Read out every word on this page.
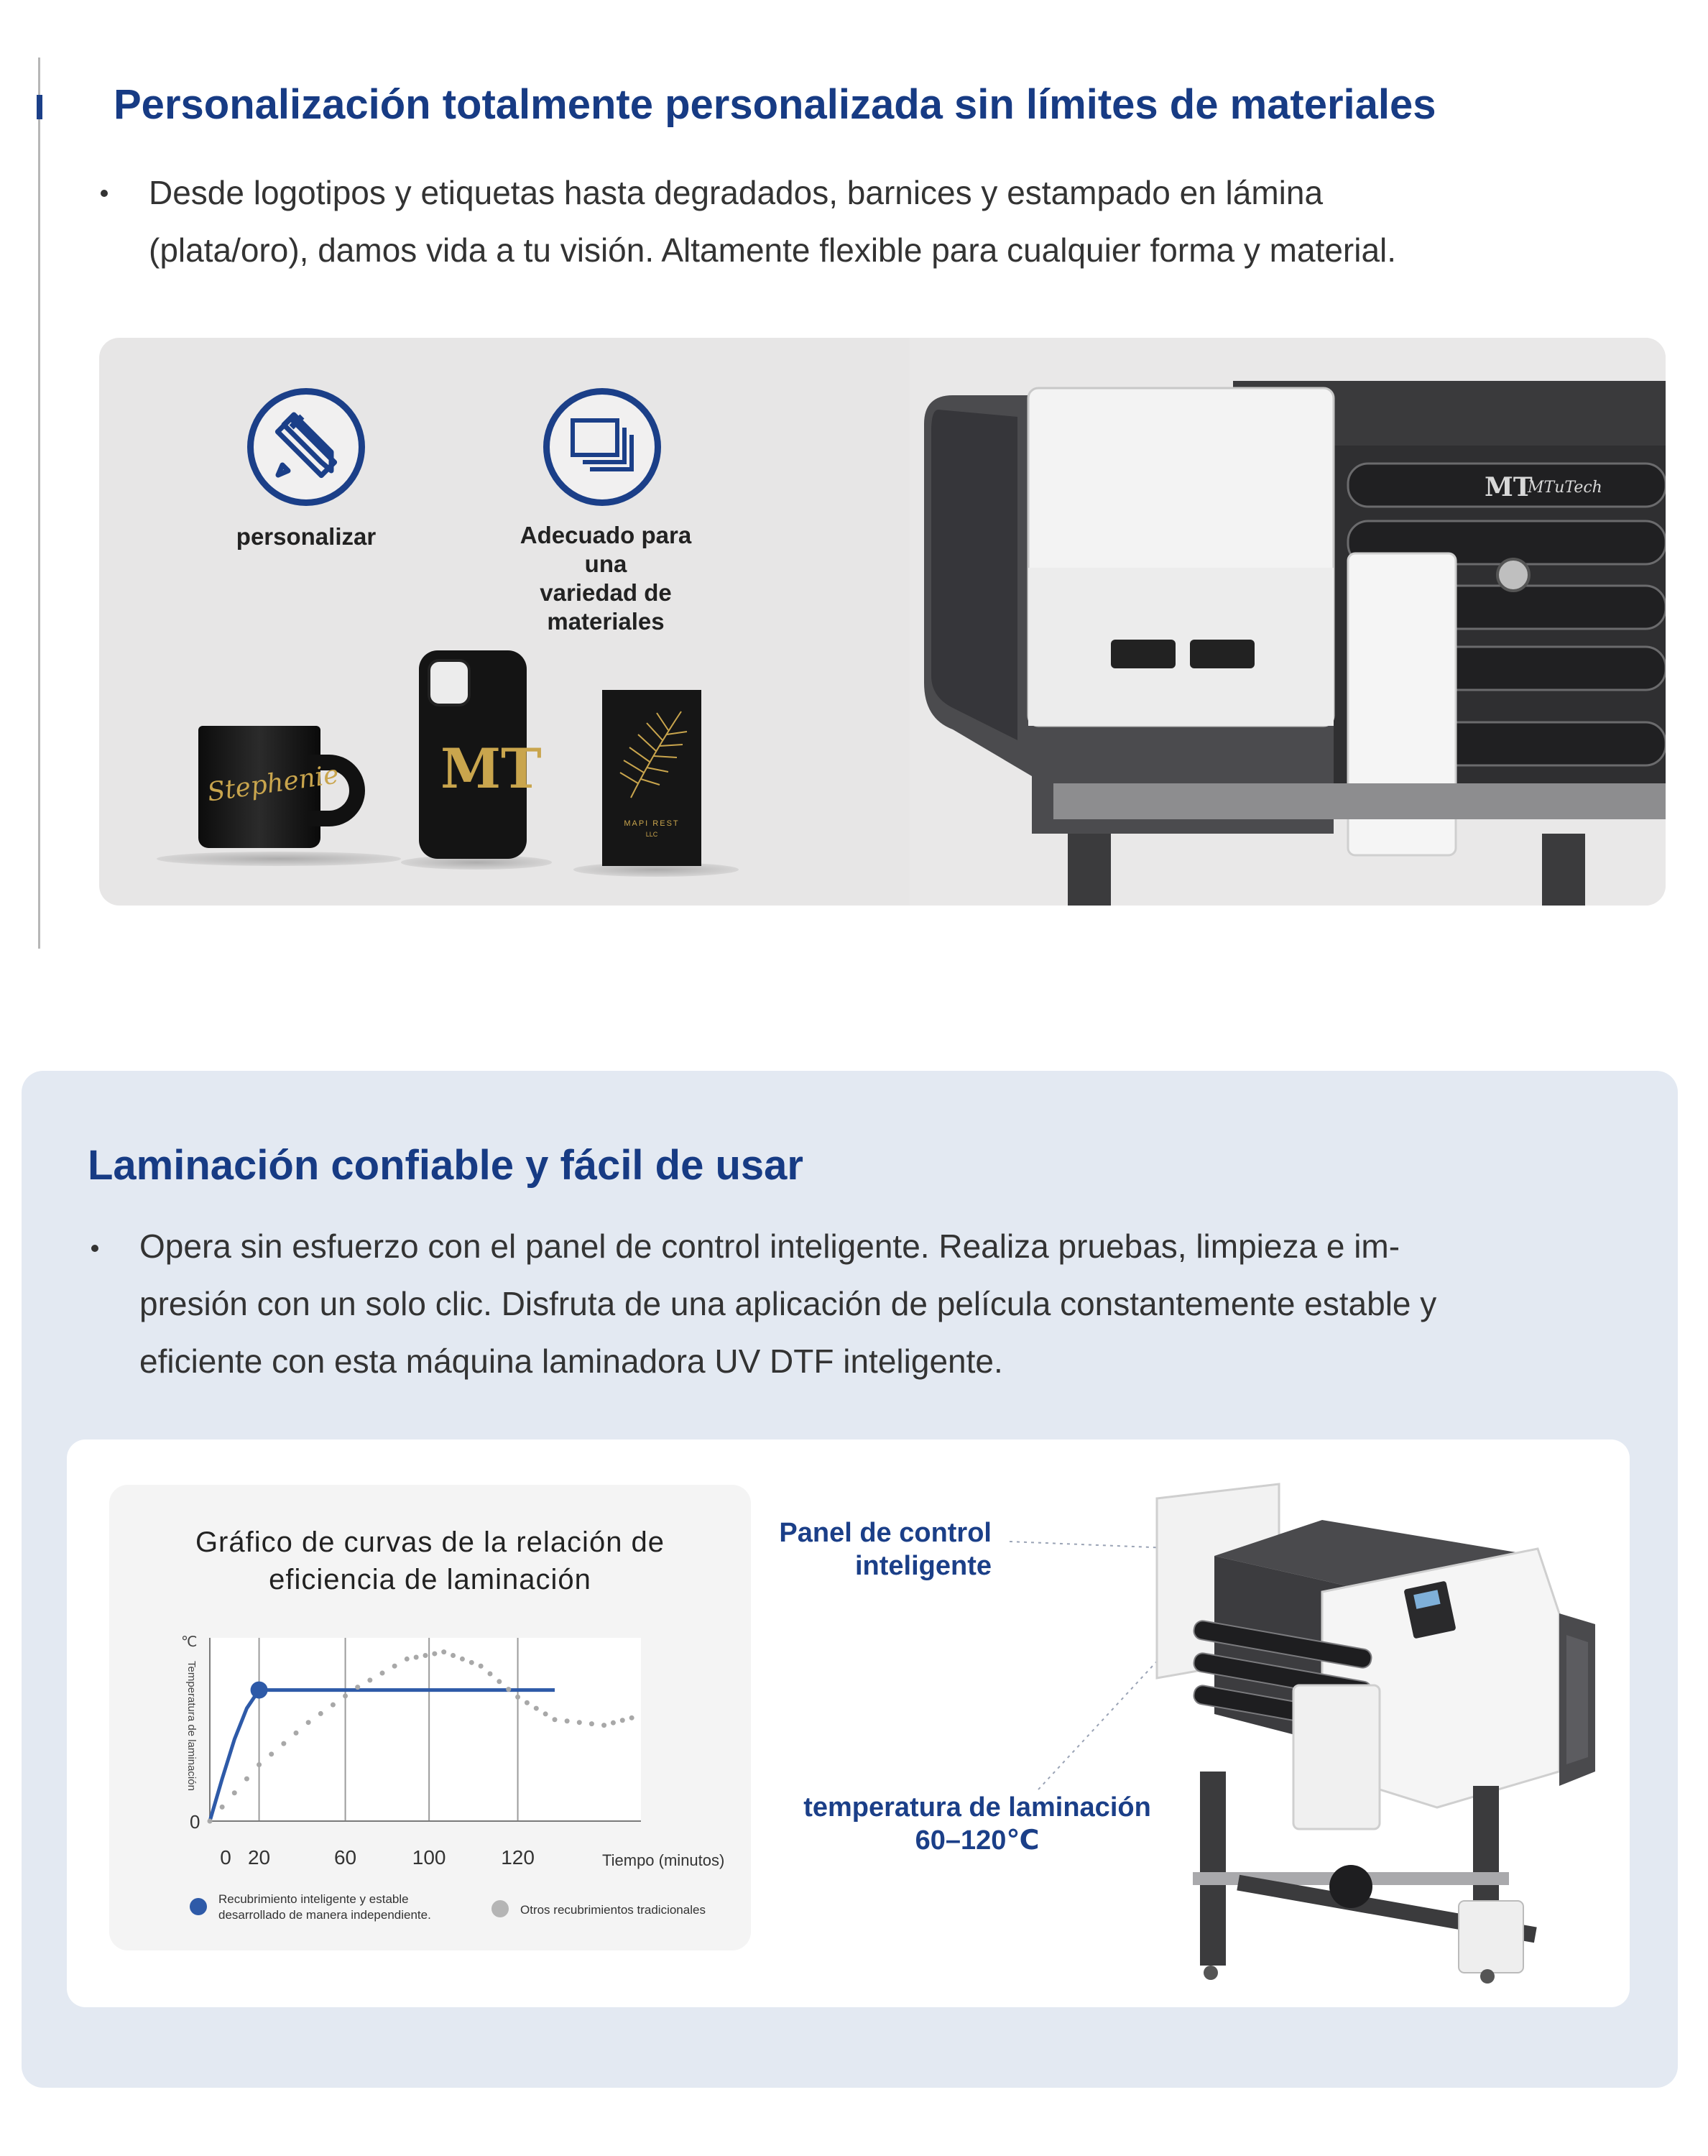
Personalización totalmente personalizada sin límites de materiales
Desde logotipos y etiquetas hasta degradados, barnices y estampado en lámina
(plata/oro), damos vida a tu visión. Altamente flexible para cualquier forma y material.
personalizar	Adecuado para una
variedad de materiales
Stephenie MT
MAPI REST
LLC
MT
MTuTech
Laminación confiable y fácil de usar
Opera sin esfuerzo con el panel de control inteligente. Realiza pruebas, limpieza e im-
presión con un solo clic. Disfruta de una aplicación de película constantemente estable y
eficiente con esta máquina laminadora UV DTF inteligente.
Gráfico de curvas de la relación de
eficiencia de laminación
℃
Temperatura de laminación
0
0 20	60	100	120	Tiempo (minutos)
Recubrimiento inteligente y estable
desarrollado de manera independiente.	Otros recubrimientos tradicionales
Panel de control
inteligente
temperatura de laminación
60–120℃
